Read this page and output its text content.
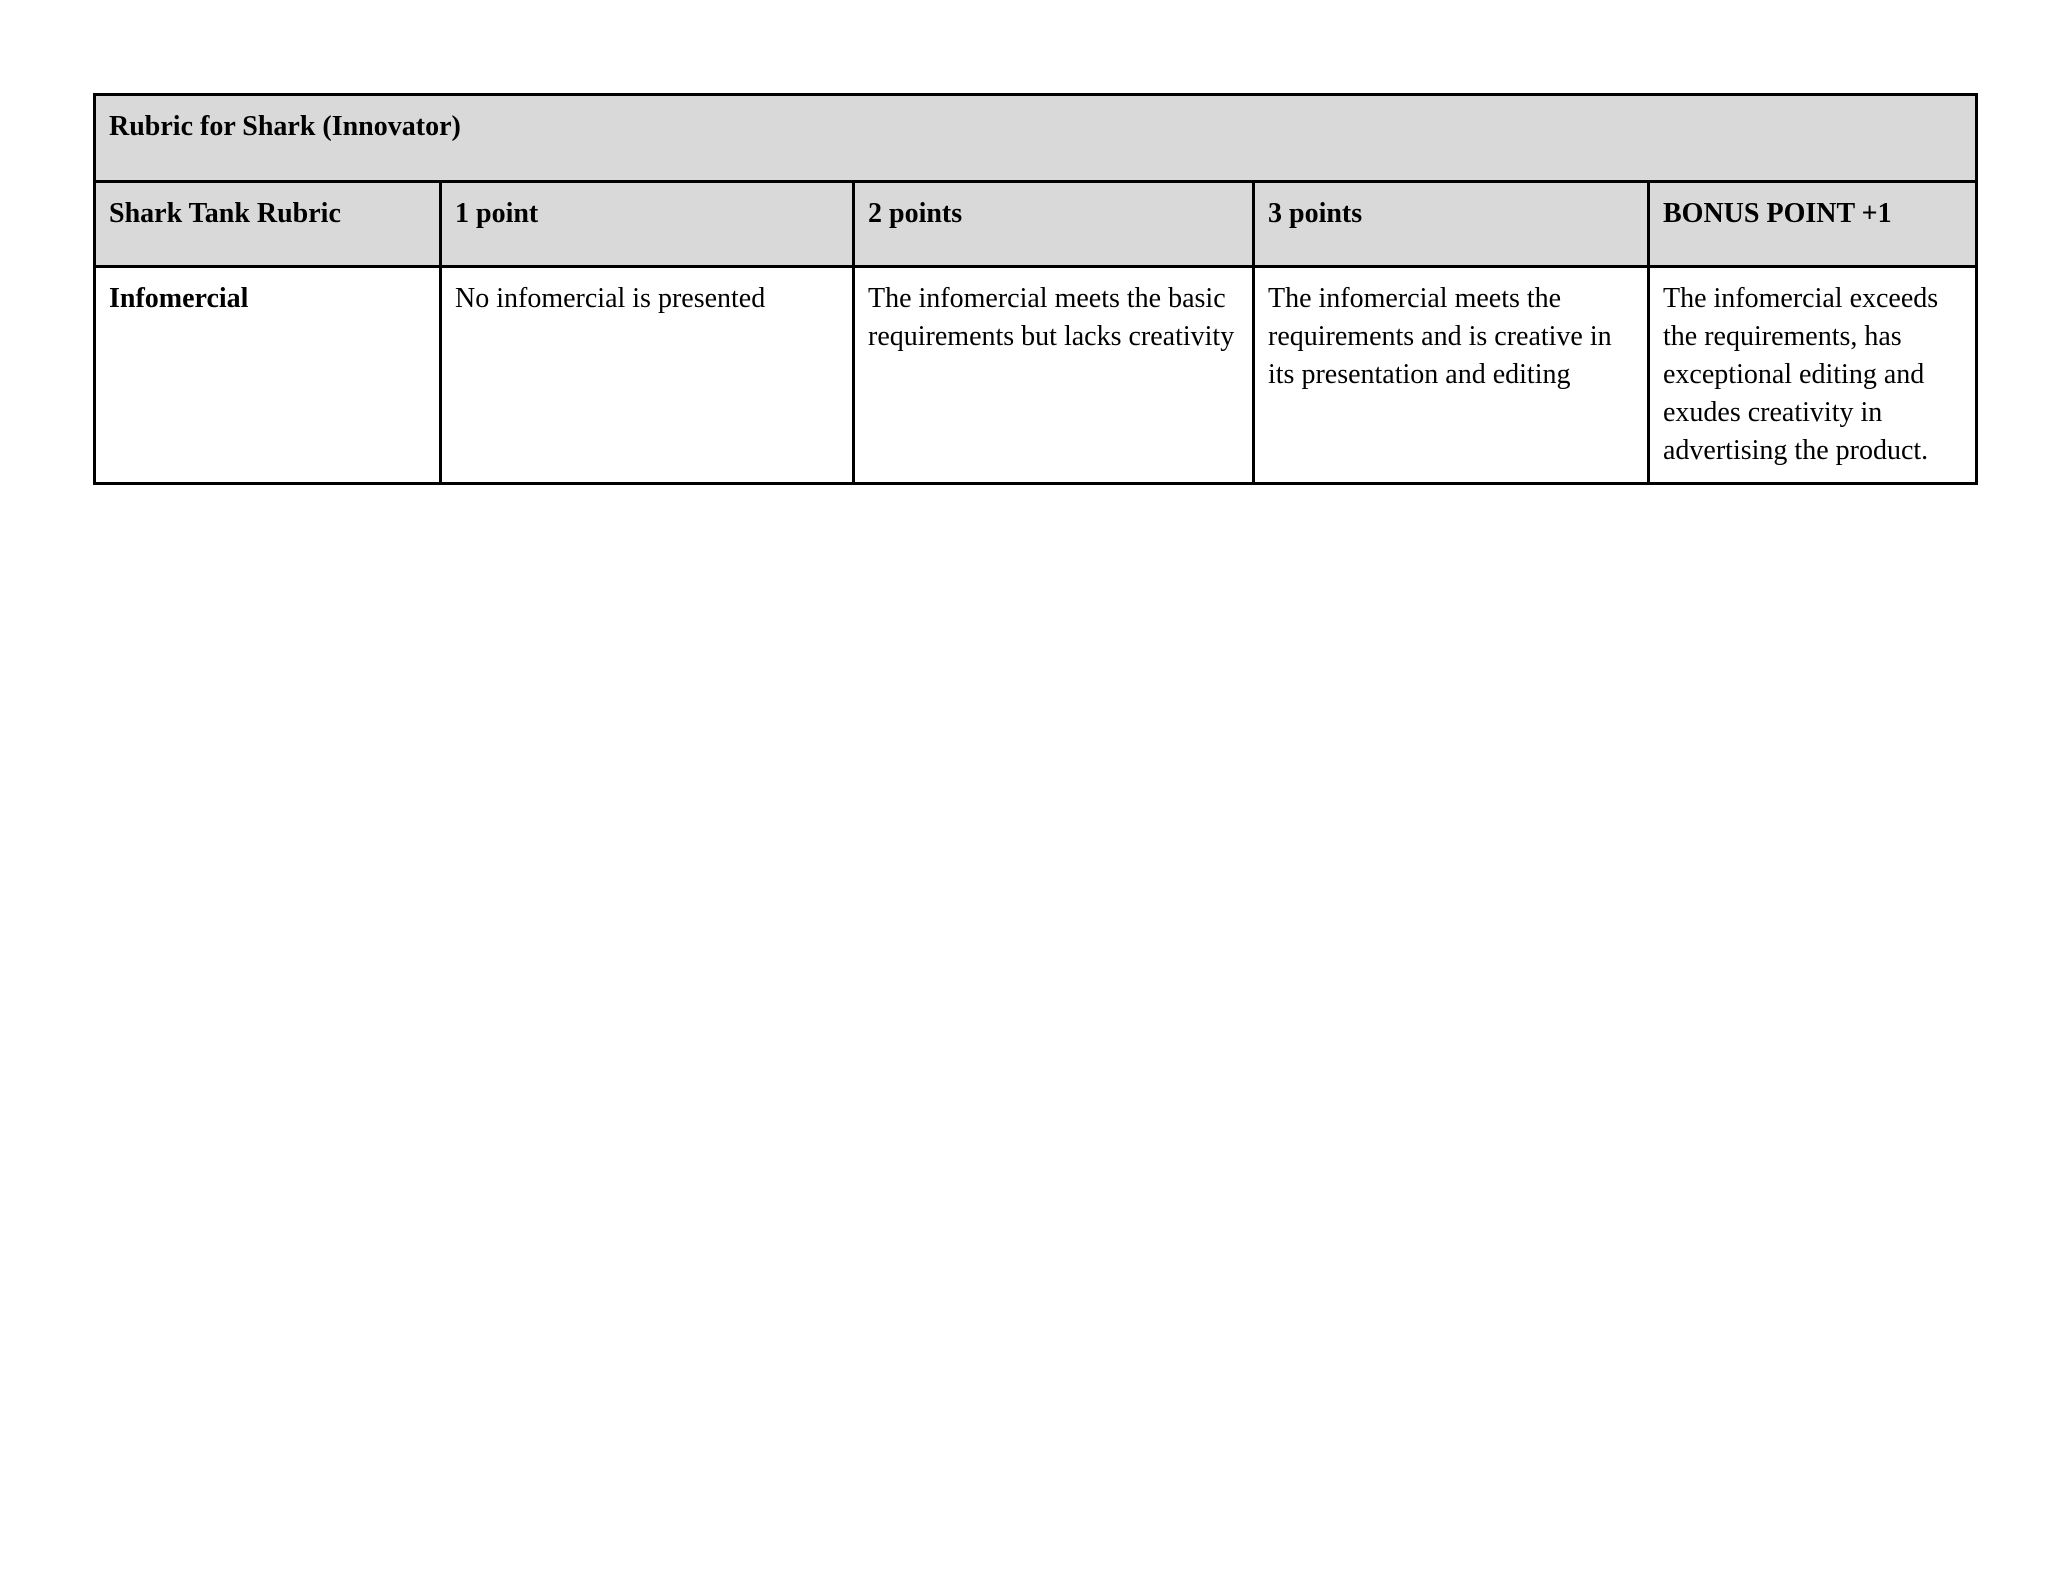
Rubric for Shark (Innovator)				
Shark Tank Rubric	1 point	2 points	3 points	BONUS POINT +1
Infomercial	No infomercial is presented	The infomercial meets the basic requirements but lacks creativity	The infomercial meets the requirements and is creative in its presentation and editing	The infomercial exceeds the requirements, has exceptional editing and exudes creativity in advertising the product.
